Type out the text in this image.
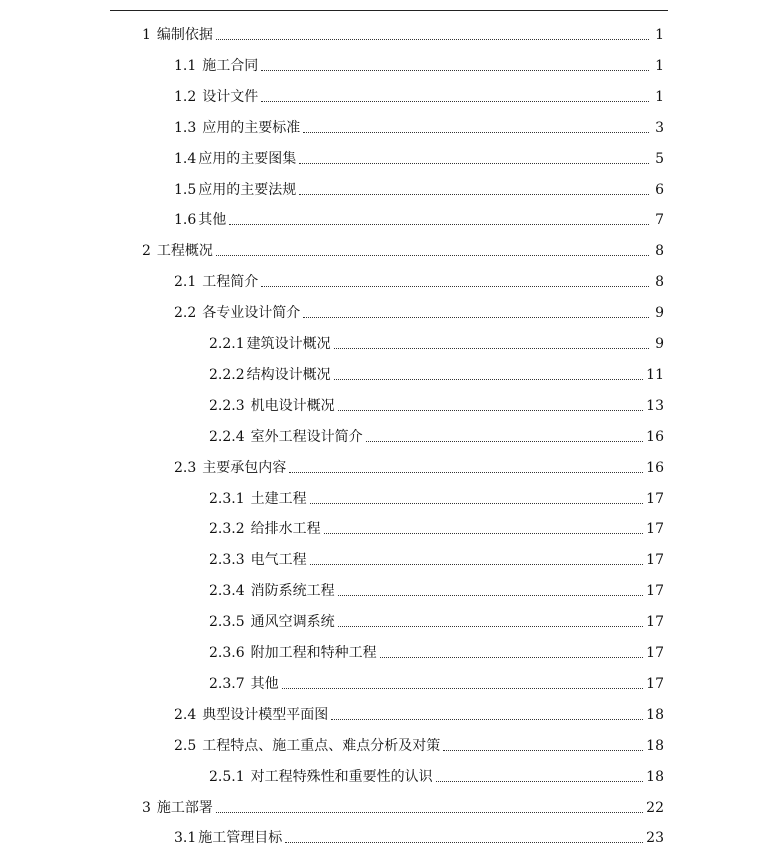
1 编制依据	1
1.1 施工合同	1
1.2 设计文件	1
1.3 应用的主要标准	3
1.4 应用的主要图集	5
1.5 应用的主要法规	6
1.6 其他	7
2 工程概况	8
2.1 工程简介	8
2.2 各专业设计简介	9
2.2.1 建筑设计概况	9
2.2.2 结构设计概况	11
2.2.3 机电设计概况	13
2.2.4 室外工程设计简介	16
2.3 主要承包内容	16
2.3.1 土建工程	17
2.3.2 给排水工程	17
2.3.3 电气工程	17
2.3.4 消防系统工程	17
2.3.5 通风空调系统	17
2.3.6 附加工程和特种工程	17
2.3.7 其他	17
2.4 典型设计模型平面图	18
2.5 工程特点、施工重点、难点分析及对策	18
2.5.1 对工程特殊性和重要性的认识	18
3 施工部署	22
3.1 施工管理目标	23
